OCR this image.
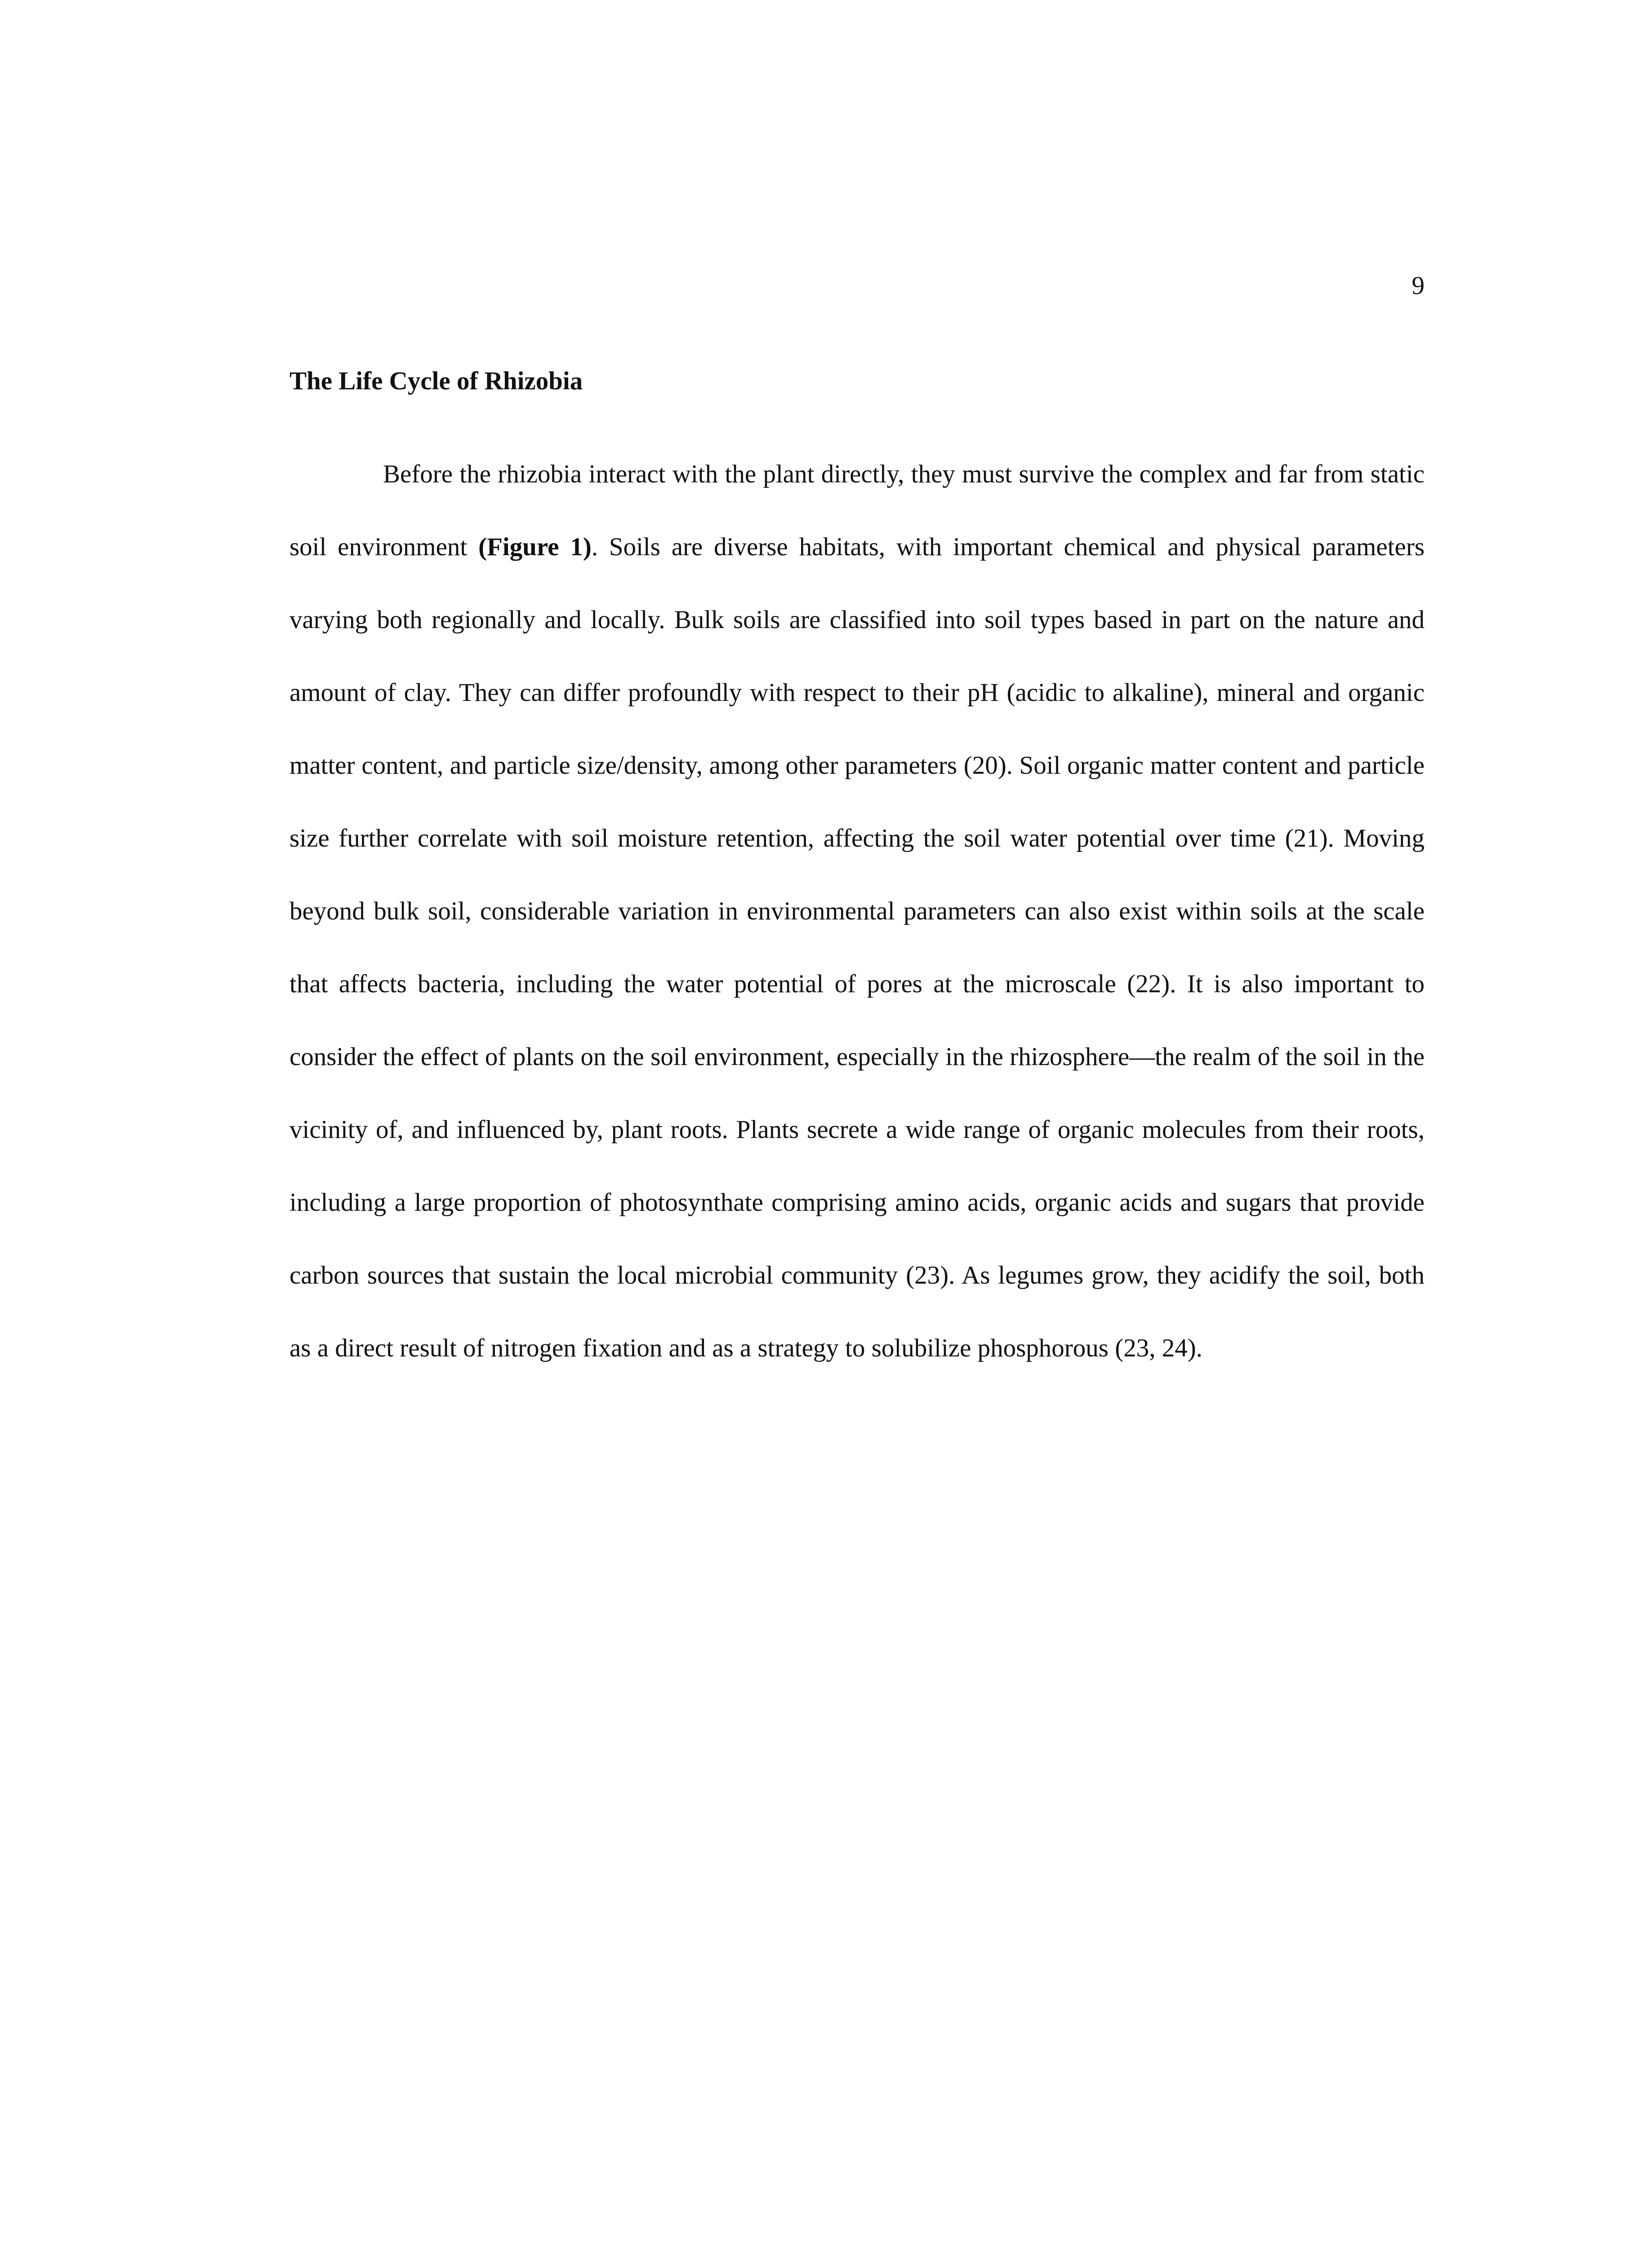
9
The Life Cycle of Rhizobia

Before the rhizobia interact with the plant directly, they must survive the complex and far from static soil environment (Figure 1). Soils are diverse habitats, with important chemical and physical parameters varying both regionally and locally. Bulk soils are classified into soil types based in part on the nature and amount of clay. They can differ profoundly with respect to their pH (acidic to alkaline), mineral and organic matter content, and particle size/density, among other parameters (20). Soil organic matter content and particle size further correlate with soil moisture retention, affecting the soil water potential over time (21). Moving beyond bulk soil, considerable variation in environmental parameters can also exist within soils at the scale that affects bacteria, including the water potential of pores at the microscale (22). It is also important to consider the effect of plants on the soil environment, especially in the rhizosphere—the realm of the soil in the vicinity of, and influenced by, plant roots. Plants secrete a wide range of organic molecules from their roots, including a large proportion of photosynthate comprising amino acids, organic acids and sugars that provide carbon sources that sustain the local microbial community (23). As legumes grow, they acidify the soil, both as a direct result of nitrogen fixation and as a strategy to solubilize phosphorous (23, 24).
